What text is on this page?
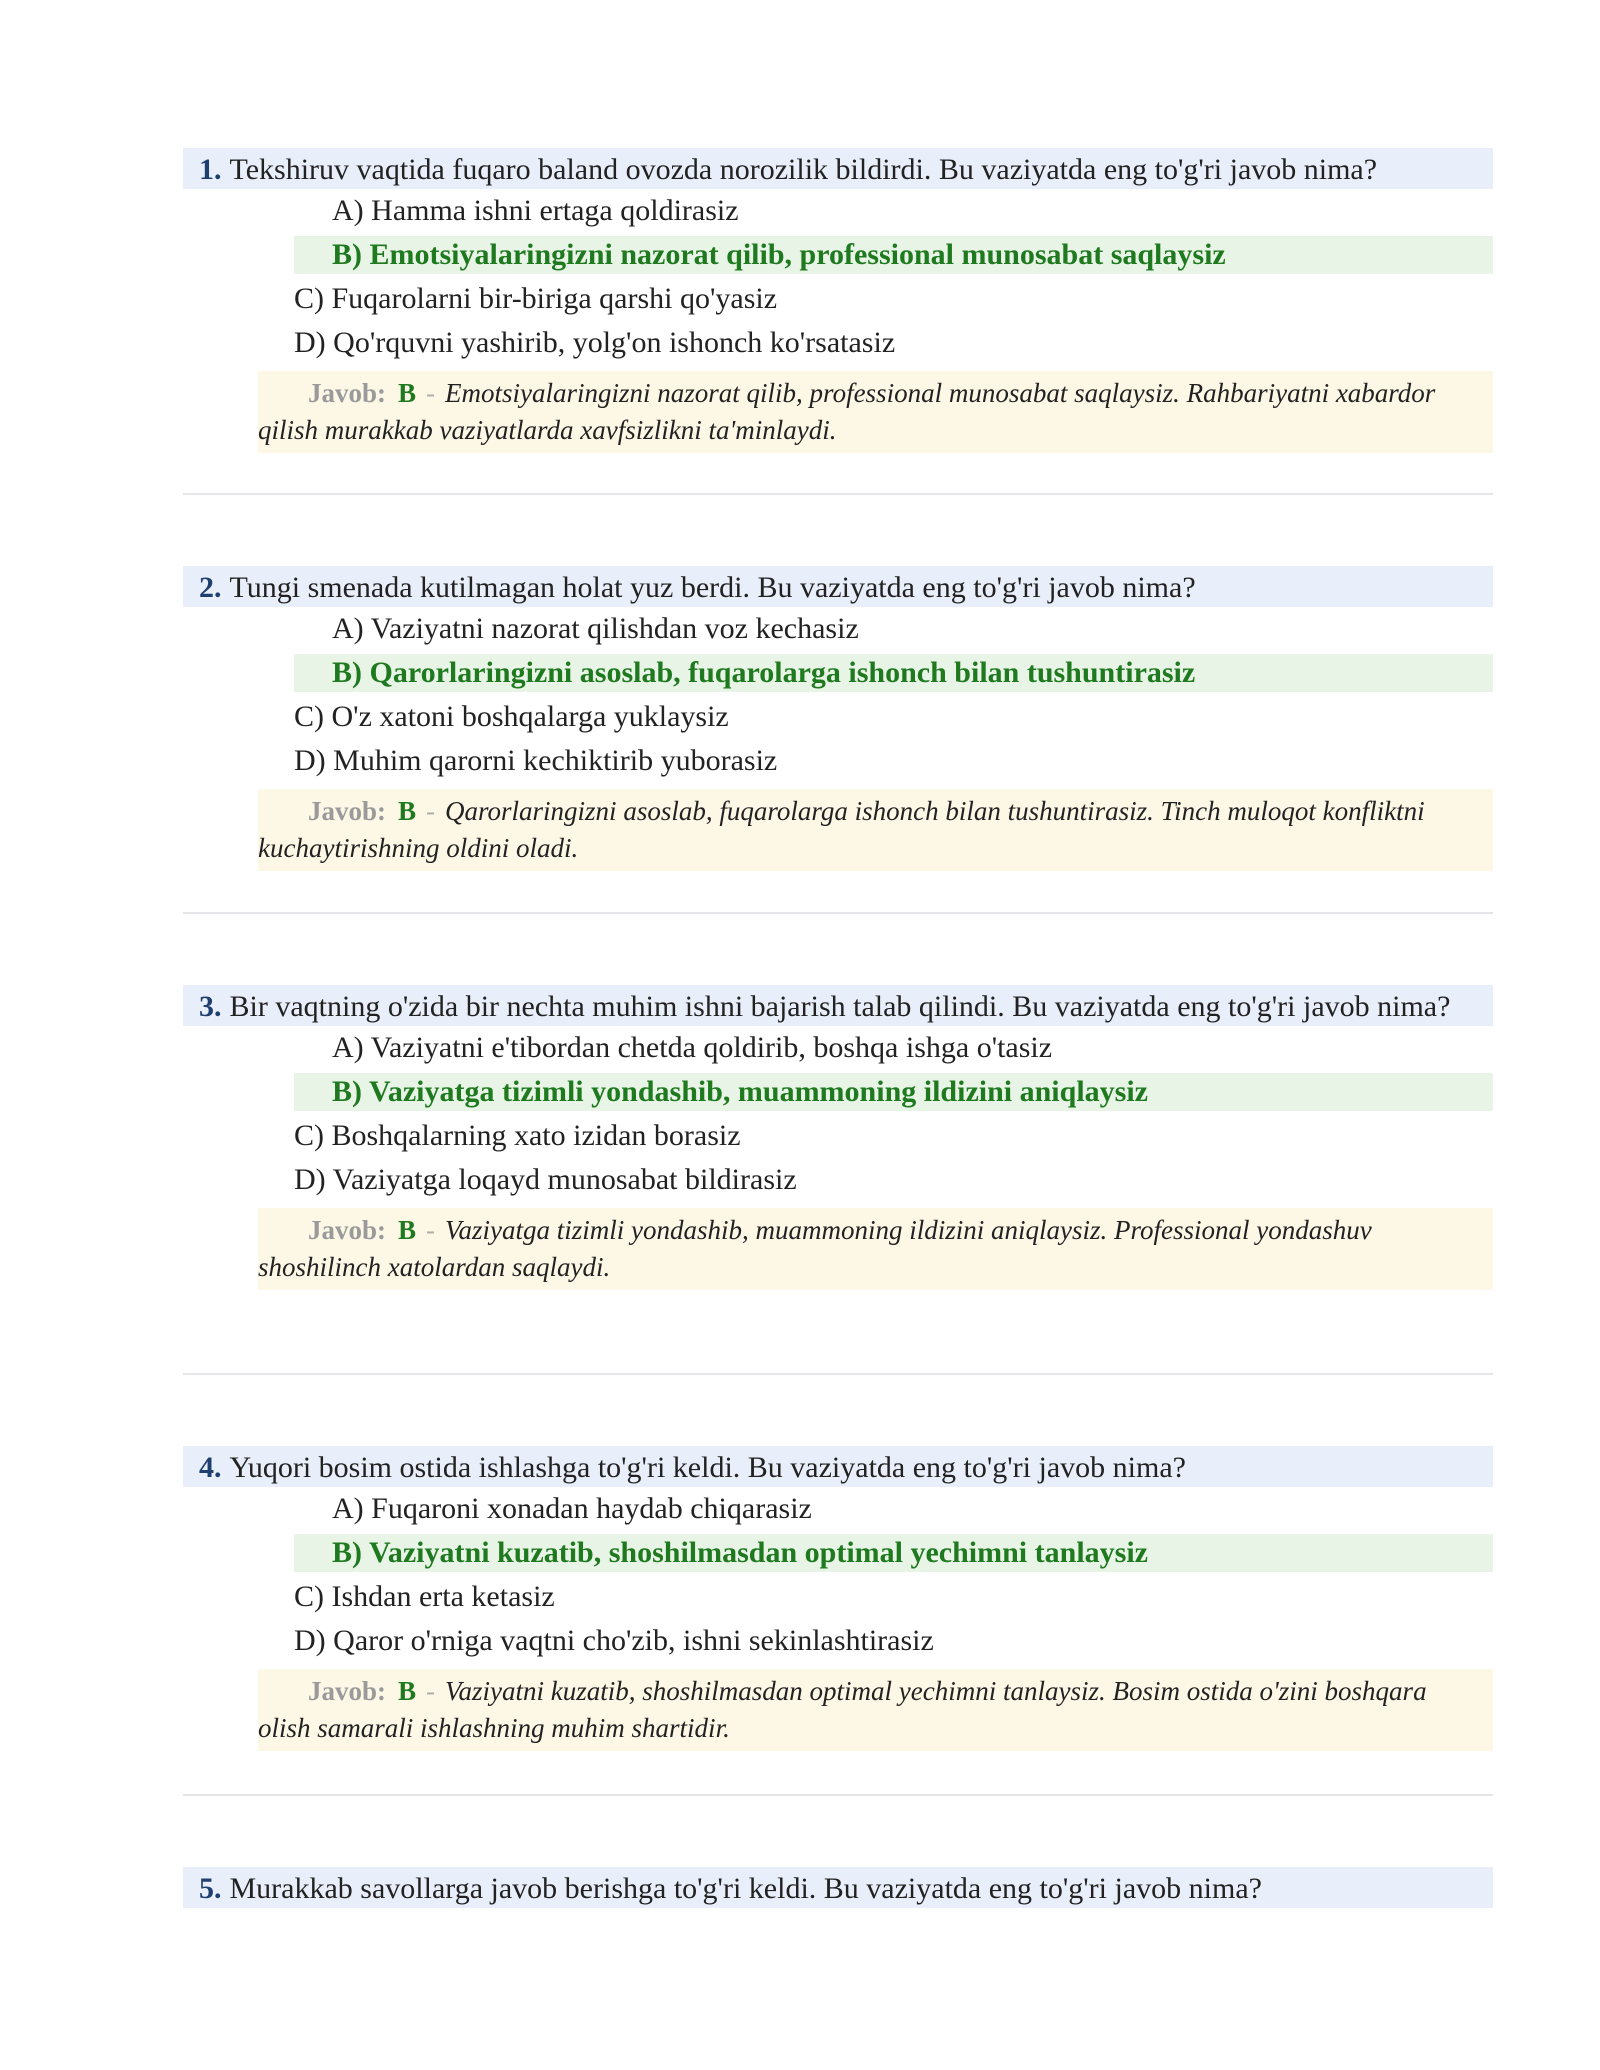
1. Tekshiruv vaqtida fuqaro baland ovozda norozilik bildirdi. Bu vaziyatda eng to'g'ri javob nima?

A) Hamma ishni ertaga qoldirasiz

B) Emotsiyalaringizni nazorat qilib, professional munosabat saqlaysiz

C) Fuqarolarni bir-biriga qarshi qo'yasiz

D) Qo'rquvni yashirib, yolg'on ishonch ko'rsatasiz

Javob: B - Emotsiyalaringizni nazorat qilib, professional munosabat saqlaysiz. Rahbariyatni xabardor qilish murakkab vaziyatlarda xavfsizlikni ta'minlaydi.

2. Tungi smenada kutilmagan holat yuz berdi. Bu vaziyatda eng to'g'ri javob nima?

A) Vaziyatni nazorat qilishdan voz kechasiz

B) Qarorlaringizni asoslab, fuqarolarga ishonch bilan tushuntirasiz

C) O'z xatoni boshqalarga yuklaysiz

D) Muhim qarorni kechiktirib yuborasiz

Javob: B - Qarorlaringizni asoslab, fuqarolarga ishonch bilan tushuntirasiz. Tinch muloqot konfliktni kuchaytirishning oldini oladi.

3. Bir vaqtning o'zida bir nechta muhim ishni bajarish talab qilindi. Bu vaziyatda eng to'g'ri javob nima?

A) Vaziyatni e'tibordan chetda qoldirib, boshqa ishga o'tasiz

B) Vaziyatga tizimli yondashib, muammoning ildizini aniqlaysiz

C) Boshqalarning xato izidan borasiz

D) Vaziyatga loqayd munosabat bildirasiz

Javob: B - Vaziyatga tizimli yondashib, muammoning ildizini aniqlaysiz. Professional yondashuv shoshilinch xatolardan saqlaydi.

4. Yuqori bosim ostida ishlashga to'g'ri keldi. Bu vaziyatda eng to'g'ri javob nima?

A) Fuqaroni xonadan haydab chiqarasiz

B) Vaziyatni kuzatib, shoshilmasdan optimal yechimni tanlaysiz

C) Ishdan erta ketasiz

D) Qaror o'rniga vaqtni cho'zib, ishni sekinlashtirasiz

Javob: B - Vaziyatni kuzatib, shoshilmasdan optimal yechimni tanlaysiz. Bosim ostida o'zini boshqara olish samarali ishlashning muhim shartidir.

5. Murakkab savollarga javob berishga to'g'ri keldi. Bu vaziyatda eng to'g'ri javob nima?
